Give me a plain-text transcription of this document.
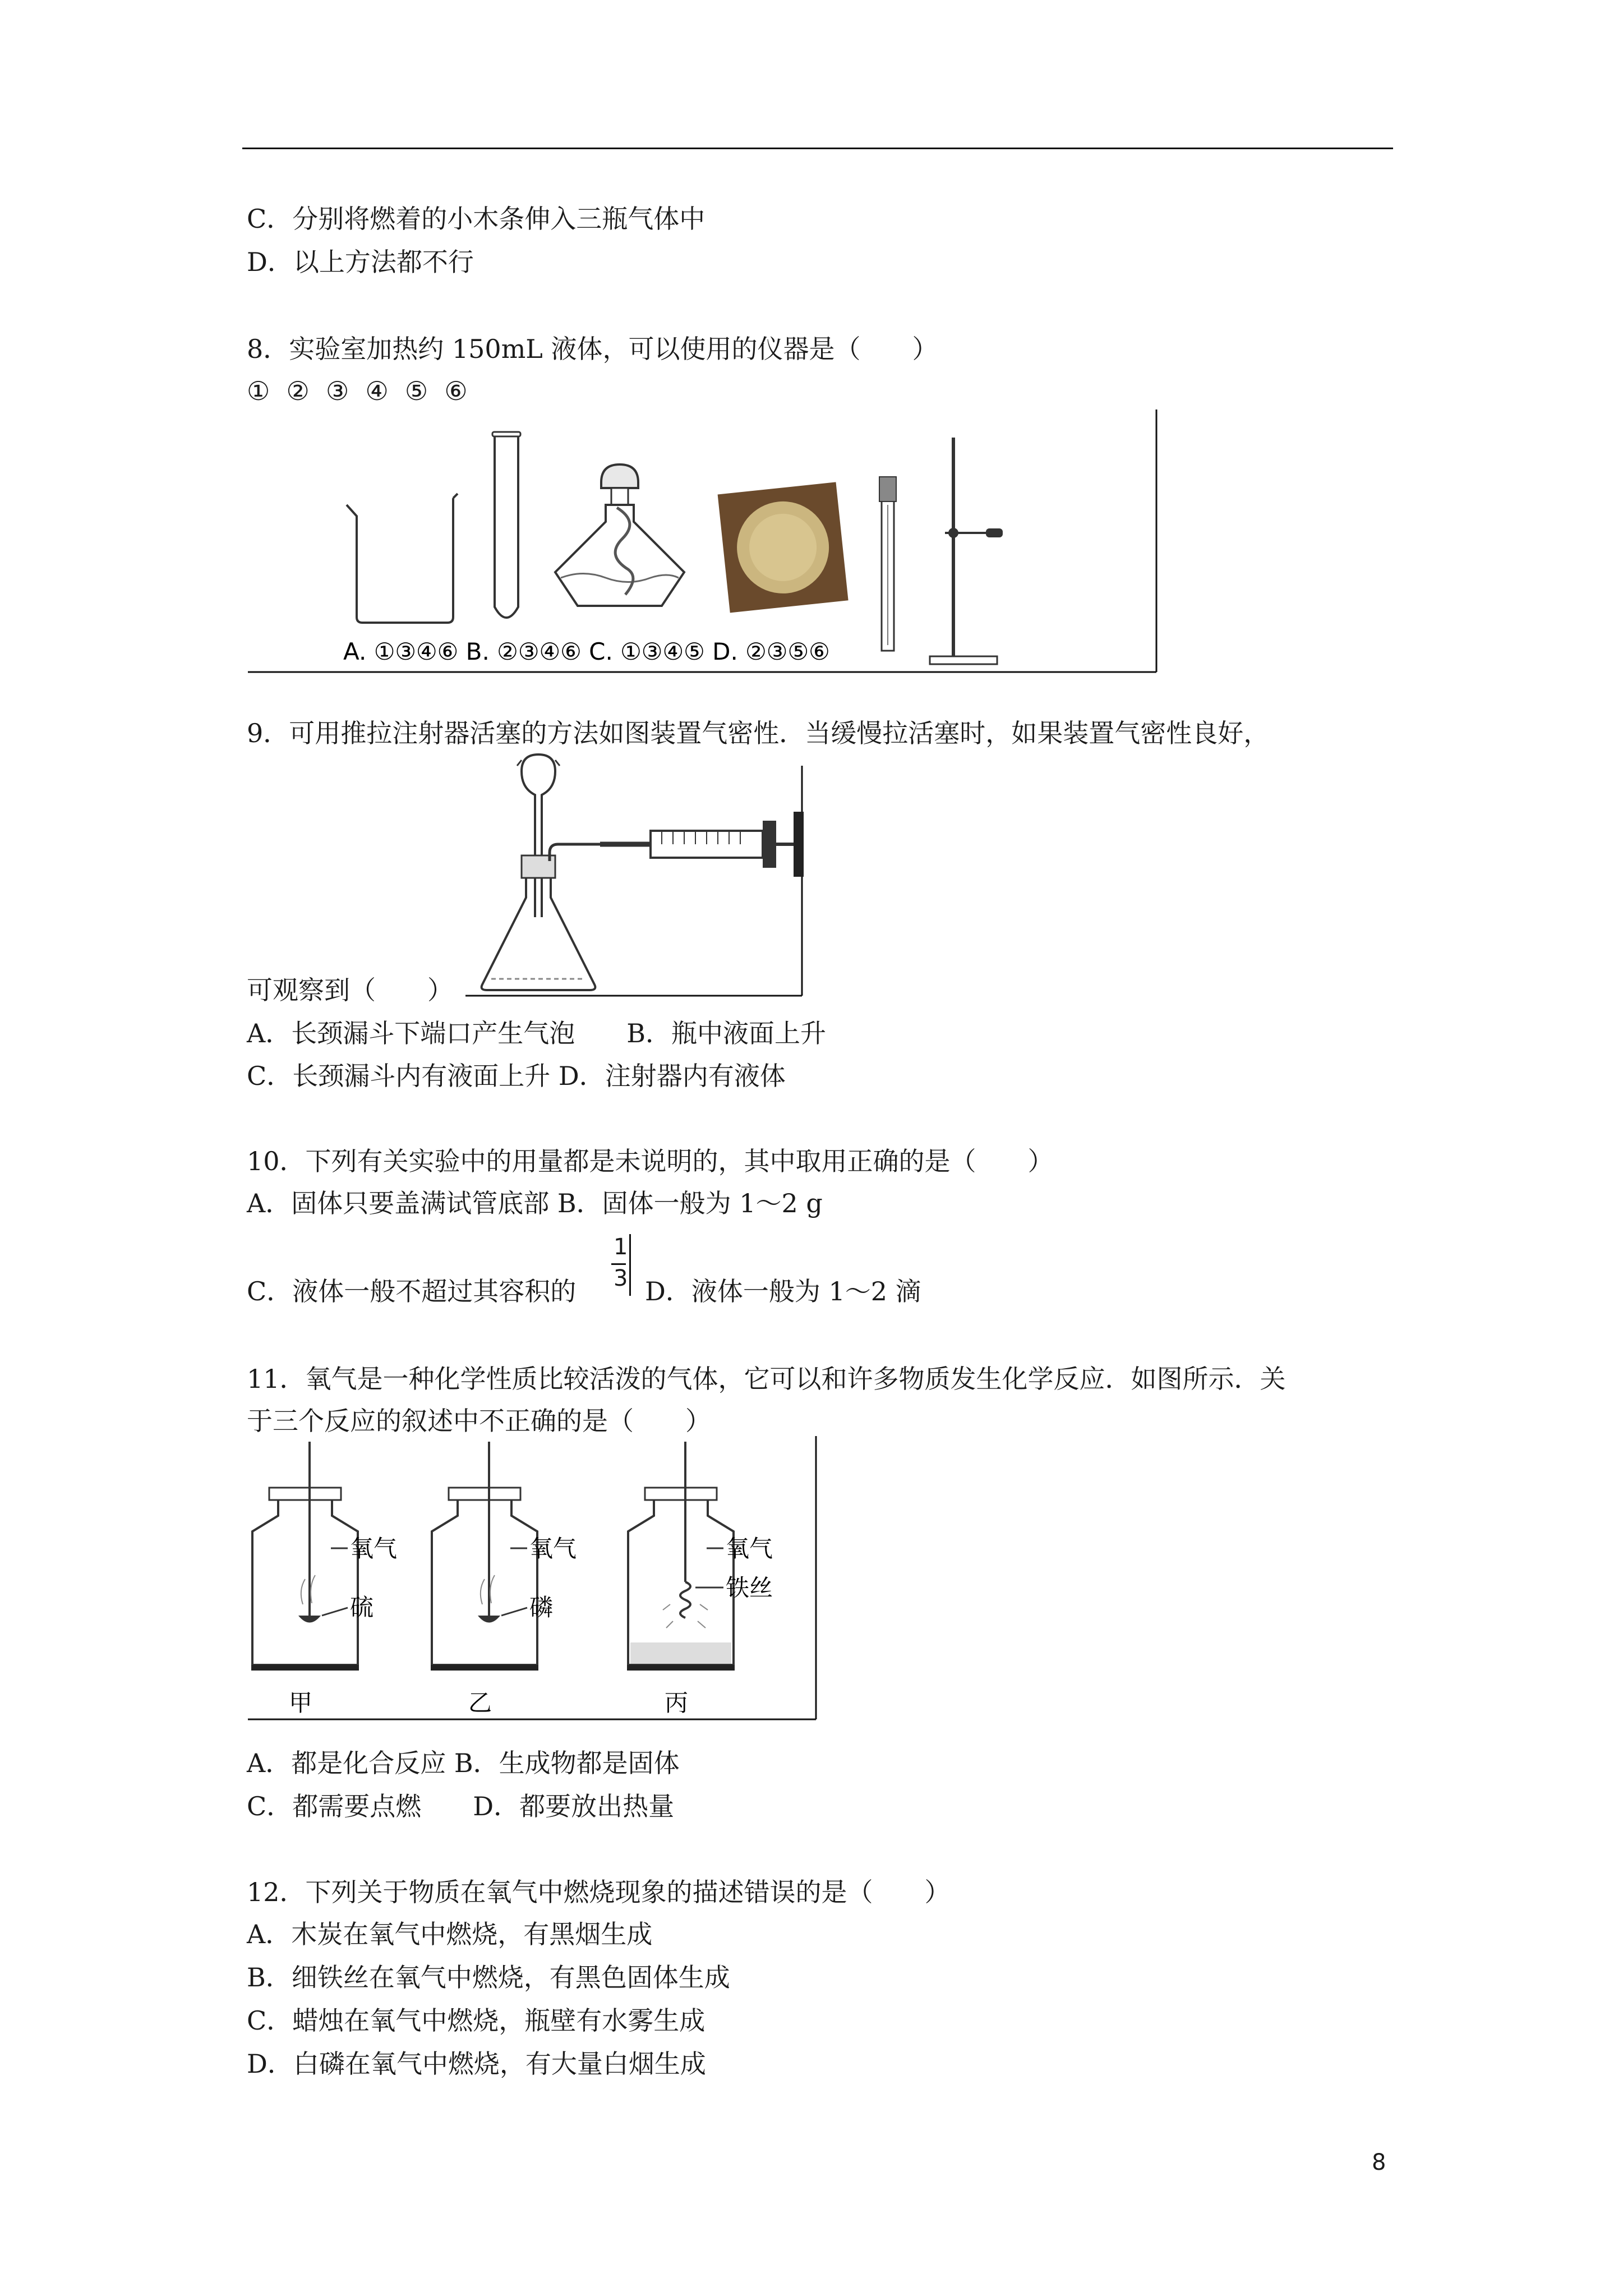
C．分别将燃着的小木条伸入三瓶气体中
D．以上方法都不行
8．实验室加热约 150mL 液体，可以使用的仪器是（　　）
①  ②  ③  ④  ⑤  ⑥
A. ①③④⑥ B. ②③④⑥ C. ①③④⑤ D. ②③⑤⑥
9．可用推拉注射器活塞的方法如图装置气密性．当缓慢拉活塞时，如果装置气密性良好，
可观察到（　　）
A．长颈漏斗下端口产生气泡　　B．瓶中液面上升
C．长颈漏斗内有液面上升 D．注射器内有液体
10．下列有关实验中的用量都是未说明的，其中取用正确的是（　　）
A．固体只要盖满试管底部 B．固体一般为 1～2 g
C．液体一般不超过其容积的
1
3 D．液体一般为 1～2 滴
11．氧气是一种化学性质比较活泼的气体，它可以和许多物质发生化学反应．如图所示．关
于三个反应的叙述中不正确的是（　　）
氧气
硫
甲
氧气
磷
乙
氧气
铁丝
丙
A．都是化合反应 B．生成物都是固体
C．都需要点燃　　D．都要放出热量
12．下列关于物质在氧气中燃烧现象的描述错误的是（　　）
A．木炭在氧气中燃烧，有黑烟生成
B．细铁丝在氧气中燃烧，有黑色固体生成
C．蜡烛在氧气中燃烧，瓶壁有水雾生成
D．白磷在氧气中燃烧，有大量白烟生成
8
